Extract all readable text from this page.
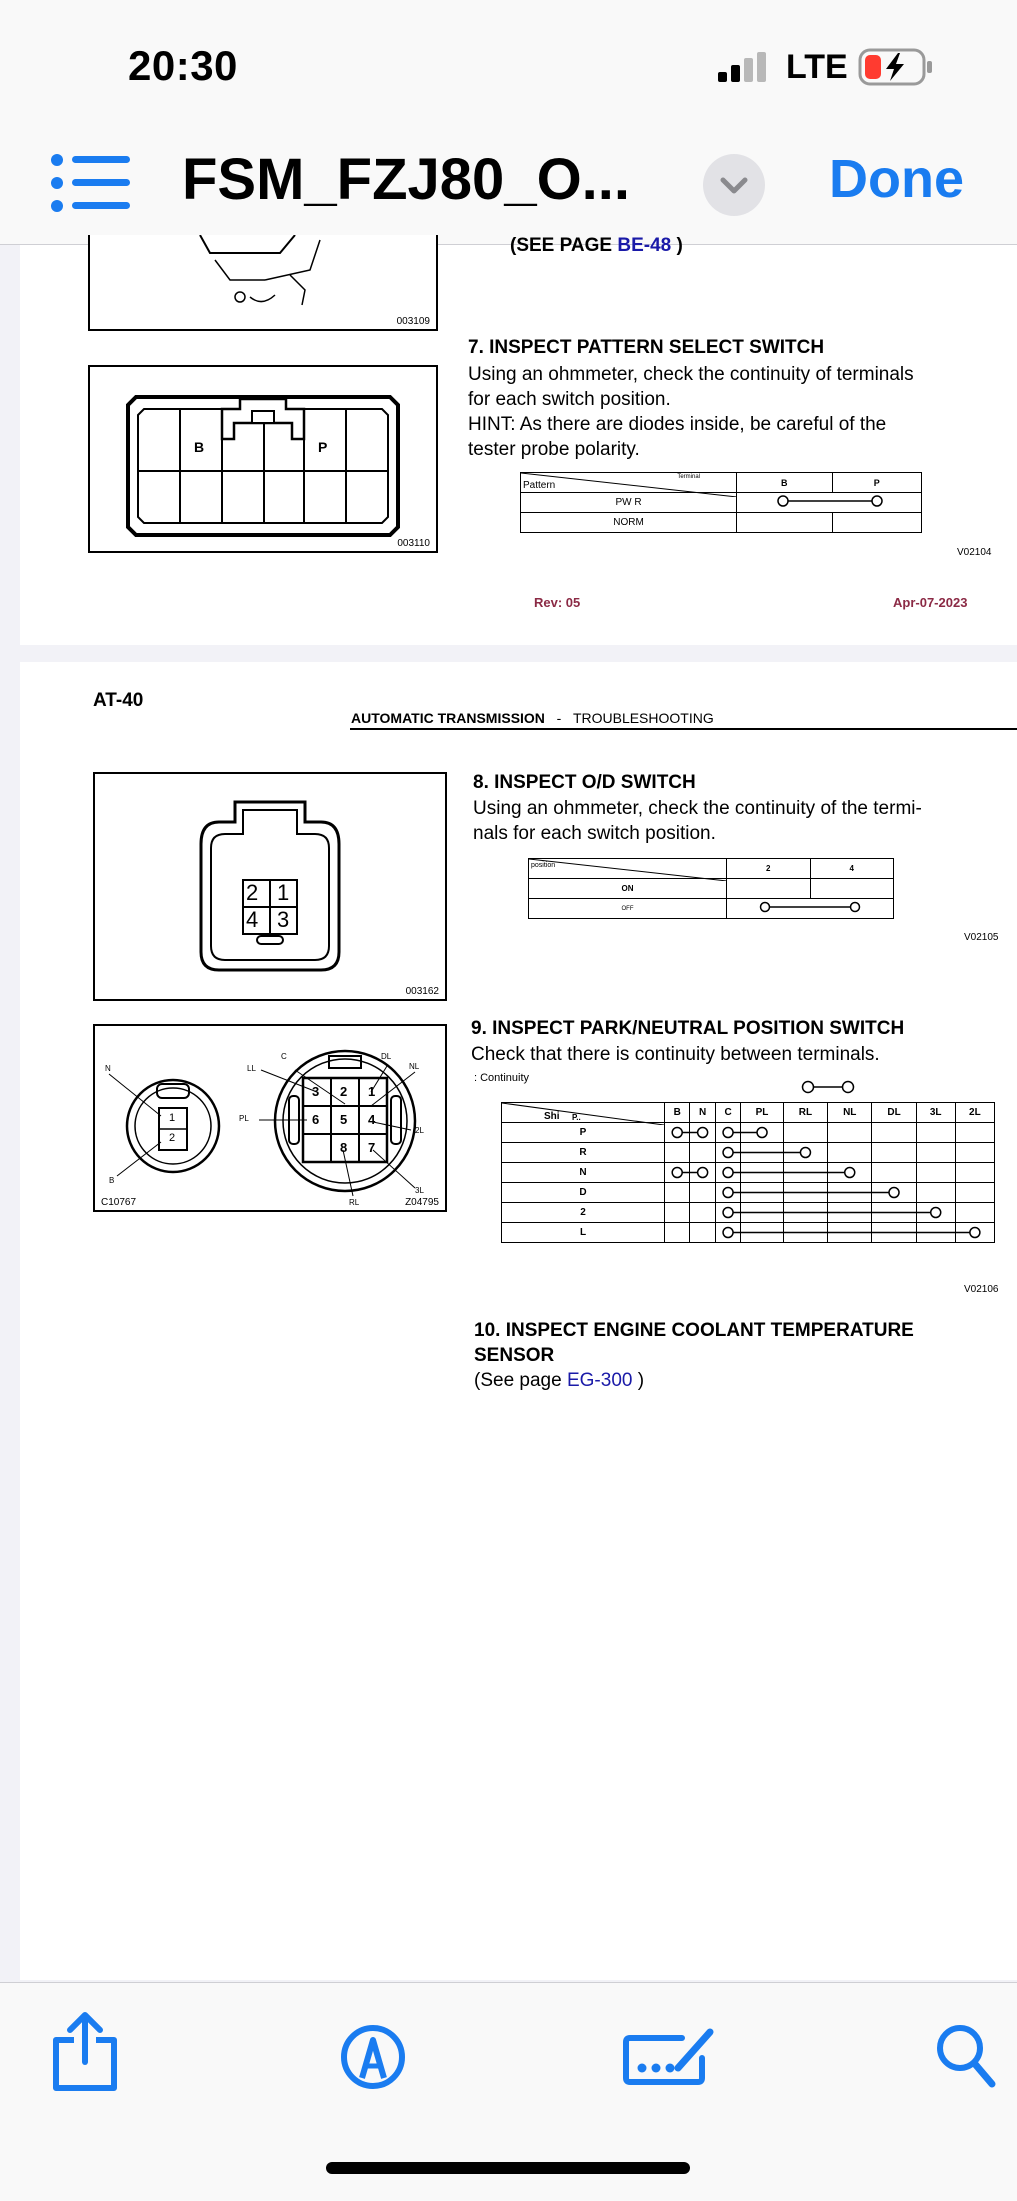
20:30	LTE
FSM_FZJ80_O...	Done
003109
(SEE PAGE BE-48 )
7. INSPECT PATTERN SELECT SWITCH
Using an ohmmeter, check the continuity of terminals
for each switch position.
HINT: As there are diodes inside, be careful of the
tester probe polarity.
B	P
003110
Terminal
Pattern	B	P
PW R	
NORM		
V02104
Rev: 05	Apr-07-2023
AT-40
AUTOMATIC TRANSMISSION - TROUBLESHOOTING
2 1
4 3
003162
8. INSPECT O/D SWITCH
Using an ohmmeter, check the continuity of the termi-
nals for each switch position.
position	2	4
ON		
OFF	
V02105
N
B
1
2
C
LL
DL
NL
PL
2L
3L
RL
3 2 1
6 5 4
8 7
C10767	Z04795
9. INSPECT PARK/NEUTRAL POSITION SWITCH
Check that there is continuity between terminals.
: Continuity
Shi P..	B	N	C	PL	RL	NL	DL	3L	2L
P									
R									
N									
D									
2									
L									
V02106
10. INSPECT ENGINE COOLANT TEMPERATURE
SENSOR
(See page EG-300 )
